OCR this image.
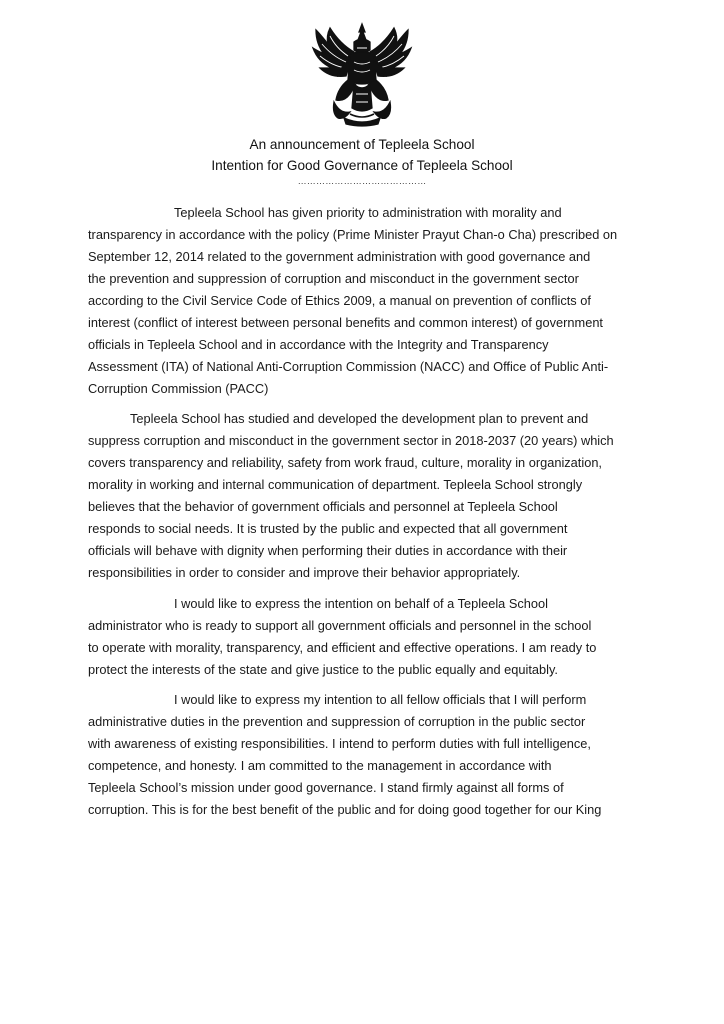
An announcement of Tepleela School
Intention for Good Governance of Tepleela School
……………………………………
Tepleela School has given priority to administration with morality and
transparency in accordance with the policy (Prime Minister Prayut Chan-o Cha) prescribed on
September 12, 2014 related to the government administration with good governance and
the prevention and suppression of corruption and misconduct in the government sector
according to the Civil Service Code of Ethics 2009, a manual on prevention of conflicts of
interest (conflict of interest between personal benefits and common interest) of government
officials in Tepleela School and in accordance with the Integrity and Transparency
Assessment (ITA) of National Anti-Corruption Commission (NACC) and Office of Public Anti-
Corruption Commission (PACC)
Tepleela School has studied and developed the development plan to prevent and
suppress corruption and misconduct in the government sector in 2018-2037 (20 years) which
covers transparency and reliability, safety from work fraud, culture, morality in organization,
morality in working and internal communication of department. Tepleela School strongly
believes that the behavior of government officials and personnel at Tepleela School
responds to social needs. It is trusted by the public and expected that all government
officials will behave with dignity when performing their duties in accordance with their
responsibilities in order to consider and improve their behavior appropriately.
I would like to express the intention on behalf of a Tepleela School
administrator who is ready to support all government officials and personnel in the school
to operate with morality, transparency, and efficient and effective operations. I am ready to
protect the interests of the state and give justice to the public equally and equitably.
I would like to express my intention to all fellow officials that I will perform
administrative duties in the prevention and suppression of corruption in the public sector
with awareness of existing responsibilities. I intend to perform duties with full intelligence,
competence, and honesty. I am committed to the management in accordance with
Tepleela School’s mission under good governance. I stand firmly against all forms of
corruption. This is for the best benefit of the public and for doing good together for our King
